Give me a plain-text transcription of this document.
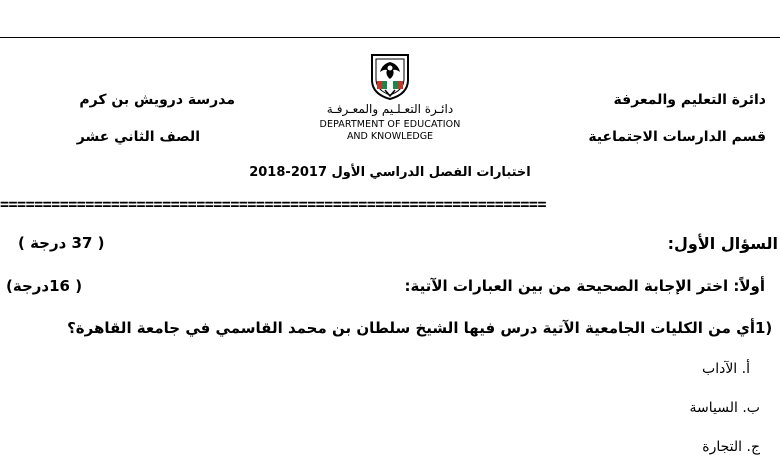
مدرسة درويش بن كرم
الصف الثاني عشر
دائـرة التعـلـيم والمعـرفـة
DEPARTMENT OF EDUCATION
AND KNOWLEDGE
دائرة التعليم والمعرفة
قسم الدارسات الاجتماعية
اختبارات الفصل الدراسي الأول 2017-2018
================================================================
السؤال الأول:
( 37 درجة )
أولاً: اختر الإجابة الصحيحة من بين العبارات الآتية:
( 16درجة)
1)
أي من الكليات الجامعية الآتية درس فيها الشيخ سلطان بن محمد القاسمي في جامعة القاهرة؟
أ. الآداب
ب. السياسة
ج. التجارة
